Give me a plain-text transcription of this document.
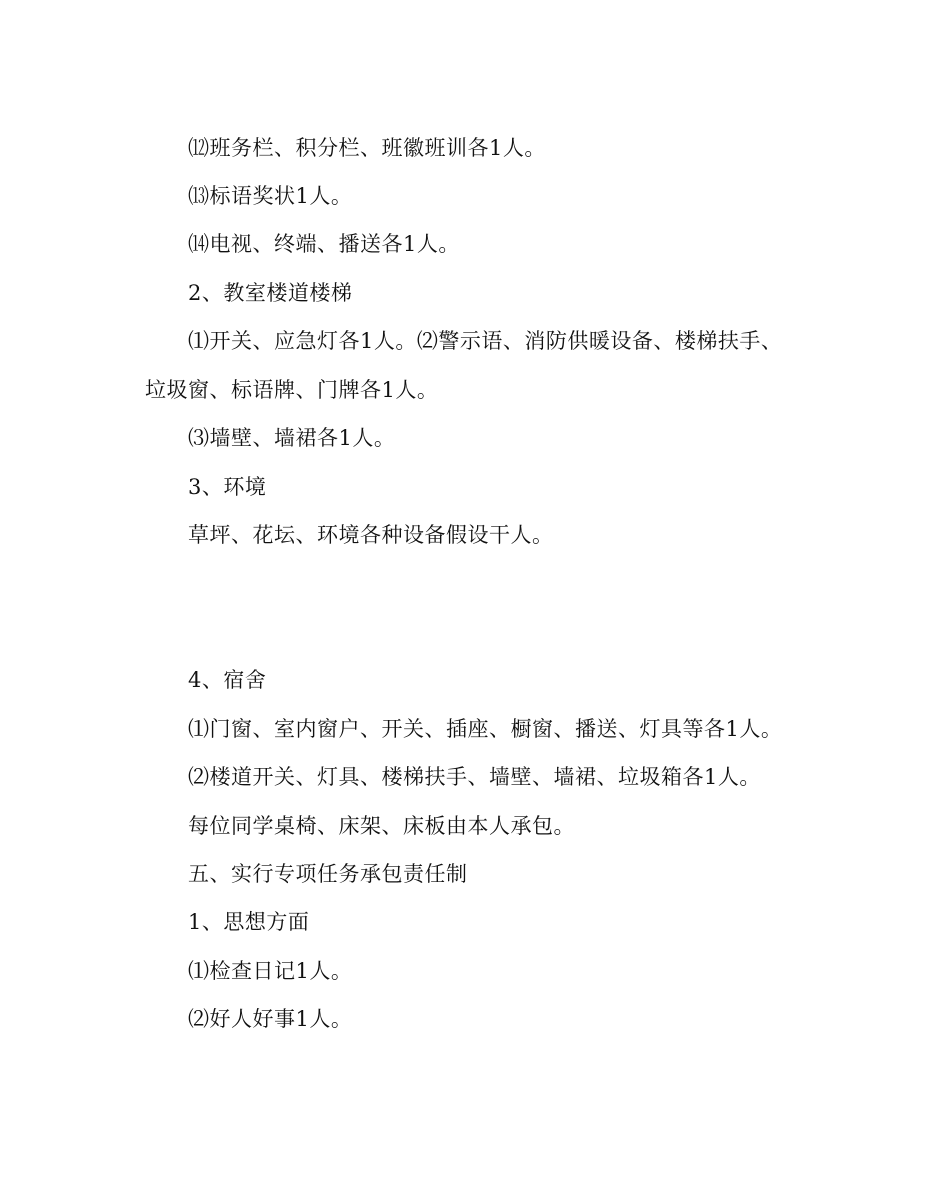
⑿班务栏、积分栏、班徽班训各1人。
⒀标语奖状1人。
⒁电视、终端、播送各1人。
2、教室楼道楼梯
⑴开关、应急灯各1人。⑵警示语、消防供暖设备、楼梯扶手、
垃圾窗、标语牌、门牌各1人。
⑶墙壁、墙裙各1人。
3、环境
草坪、花坛、环境各种设备假设干人。
4、宿舍
⑴门窗、室内窗户、开关、插座、橱窗、播送、灯具等各1人。
⑵楼道开关、灯具、楼梯扶手、墙壁、墙裙、垃圾箱各1人。
每位同学桌椅、床架、床板由本人承包。
五、实行专项任务承包责任制
1、思想方面
⑴检查日记1人。
⑵好人好事1人。
